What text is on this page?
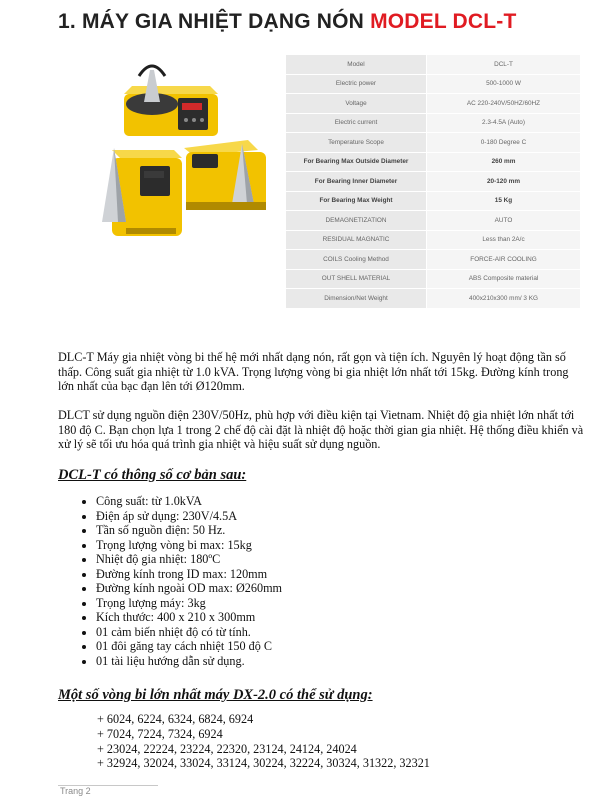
1. MÁY GIA NHIỆT DẠNG NÓN MODEL DCL-T
Model	DCL-T
Electric power	500-1000 W
Voltage	AC 220-240V/50HZ/60HZ
Electric current	2.3-4.5A (Auto)
Temperature Scope	0-180 Degree C
For Bearing Max Outside Diameter	260 mm
For Bearing Inner Diameter	20-120 mm
For Bearing Max Weight	15 Kg
DEMAGNETIZATION	AUTO
RESIDUAL MAGNATIC	Less than 2A/c
COILS Cooling Method	FORCE-AIR COOLING
OUT SHELL MATERIAL	ABS Composite material
Dimension/Net Weight	400x210x300 mm/ 3 KG

DLC-T Máy gia nhiệt vòng bi thế hệ mới nhất dạng nón, rất gọn và tiện ích. Nguyên lý hoạt động tần số thấp. Công suất gia nhiệt từ 1.0 kVA. Trọng lượng vòng bi gia nhiệt lớn nhất tới 15kg. Đường kính trong lớn nhất của bạc đạn lên tới Ø120mm.

DLCT sử dụng nguồn điện 230V/50Hz, phù hợp với điều kiện tại Vietnam. Nhiệt độ gia nhiệt lớn nhất tới 180 độ C. Bạn chọn lựa 1 trong 2 chế độ cài đặt là nhiệt độ hoặc thời gian gia nhiệt. Hệ thống điều khiển và xử lý sẽ tối ưu hóa quá trình gia nhiệt và hiệu suất sử dụng nguồn.

DCL-T có thông số cơ bản sau:
• Công suất: từ 1.0kVA
• Điện áp sử dụng: 230V/4.5A
• Tần số nguồn điện: 50 Hz.
• Trọng lượng vòng bi max: 15kg
• Nhiệt độ gia nhiệt: 180ºC
• Đường kính trong ID max: 120mm
• Đường kính ngoài OD max: Ø260mm
• Trọng lượng máy: 3kg
• Kích thước: 400 x 210 x 300mm
• 01 cảm biến nhiệt độ có từ tính.
• 01 đôi găng tay cách nhiệt 150 độ C
• 01 tài liệu hướng dẫn sử dụng.
Một số vòng bi lớn nhất máy DX-2.0 có thể sử dụng:
+ 6024, 6224, 6324, 6824, 6924
+ 7024, 7224, 7324, 6924
+ 23024, 22224, 23224, 22320, 23124, 24124, 24024
+ 32924, 32024, 33024, 33124, 30224, 32224, 30324, 31322, 32321
Trang 2
